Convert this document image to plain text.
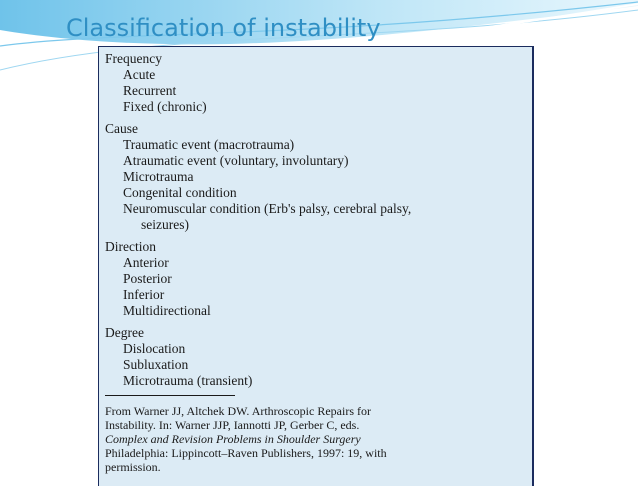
Classification of instability
Frequency
Acute
Recurrent
Fixed (chronic)
Cause
Traumatic event (macrotrauma)
Atraumatic event (voluntary, involuntary)
Microtrauma
Congenital condition
Neuromuscular condition (Erb's palsy, cerebral palsy,
seizures)
Direction
Anterior
Posterior
Inferior
Multidirectional
Degree
Dislocation
Subluxation
Microtrauma (transient)
From Warner JJ, Altchek DW. Arthroscopic Repairs for
Instability. In: Warner JJP, Iannotti JP, Gerber C, eds.
Complex and Revision Problems in Shoulder Surgery
Philadelphia: Lippincott–Raven Publishers, 1997: 19, with
permission.
